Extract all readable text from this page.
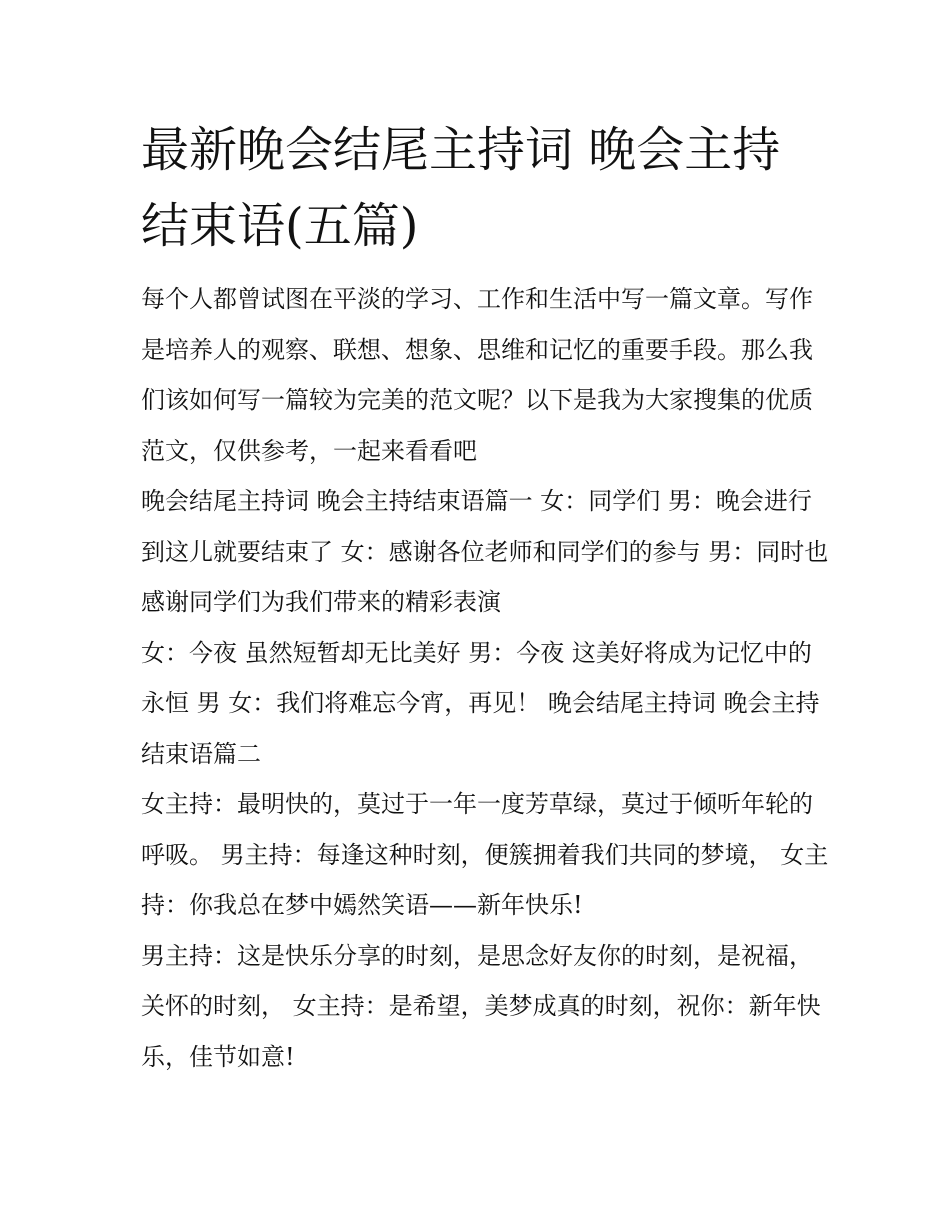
最新晚会结尾主持词 晚会主持结束语(五篇)

每个人都曾试图在平淡的学习、工作和生活中写一篇文章。写作是培养人的观察、联想、想象、思维和记忆的重要手段。那么我们该如何写一篇较为完美的范文呢？以下是我为大家搜集的优质范文，仅供参考，一起来看看吧

晚会结尾主持词 晚会主持结束语篇一 女：同学们 男：晚会进行到这儿就要结束了 女：感谢各位老师和同学们的参与 男：同时也感谢同学们为我们带来的精彩表演

女：今夜 虽然短暂却无比美好 男：今夜 这美好将成为记忆中的永恒 男 女：我们将难忘今宵，再见！ 晚会结尾主持词 晚会主持结束语篇二

女主持：最明快的，莫过于一年一度芳草绿，莫过于倾听年轮的呼吸。 男主持：每逢这种时刻，便簇拥着我们共同的梦境， 女主持：你我总在梦中嫣然笑语——新年快乐!

男主持：这是快乐分享的时刻，是思念好友你的时刻，是祝福，关怀的时刻， 女主持：是希望，美梦成真的时刻，祝你：新年快乐，佳节如意!
